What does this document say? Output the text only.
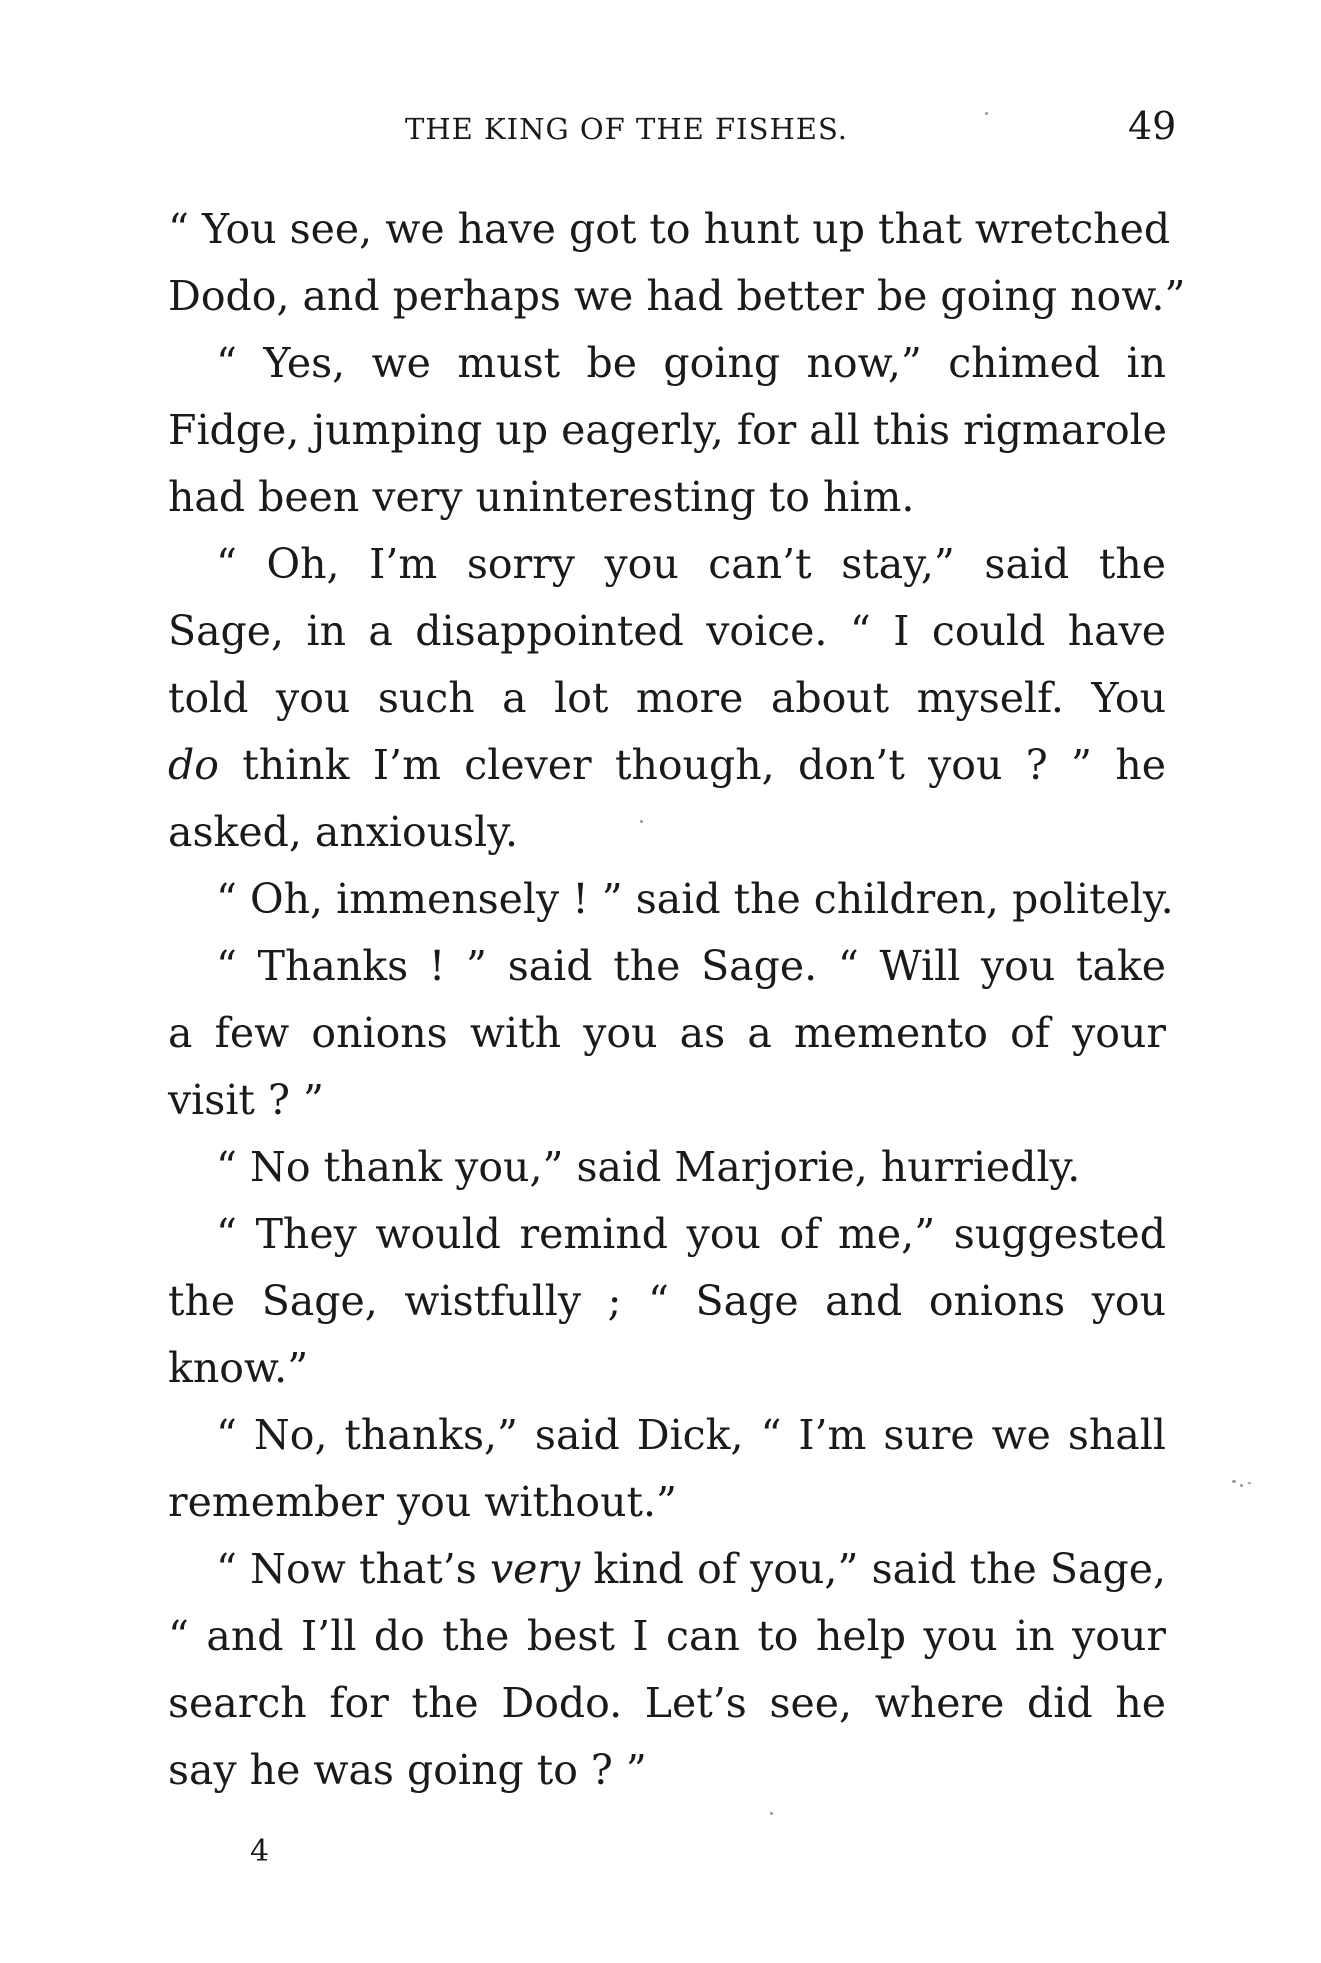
THE KING OF THE FISHES.	49
“ You see, we have got to hunt up that wretched
Dodo, and perhaps we had better be going now.”
“ Yes, we must be going now,” chimed in
Fidge, jumping up eagerly, for all this rigmarole
had been very uninteresting to him.
“ Oh, I’m sorry you can’t stay,” said the
Sage, in a disappointed voice. “ I could have
told you such a lot more about myself. You
do think I’m clever though, don’t you ? ” he
asked, anxiously.
“ Oh, immensely ! ” said the children, politely.
“ Thanks ! ” said the Sage. “ Will you take
a few onions with you as a memento of your
visit ? ”
“ No thank you,” said Marjorie, hurriedly.
“ They would remind you of me,” suggested
the Sage, wistfully ; “ Sage and onions you
know.”
“ No, thanks,” said Dick, “ I’m sure we shall
remember you without.”
“ Now that’s very kind of you,” said the Sage,
“ and I’ll do the best I can to help you in your
search for the Dodo. Let’s see, where did he
say he was going to ? ”
4
